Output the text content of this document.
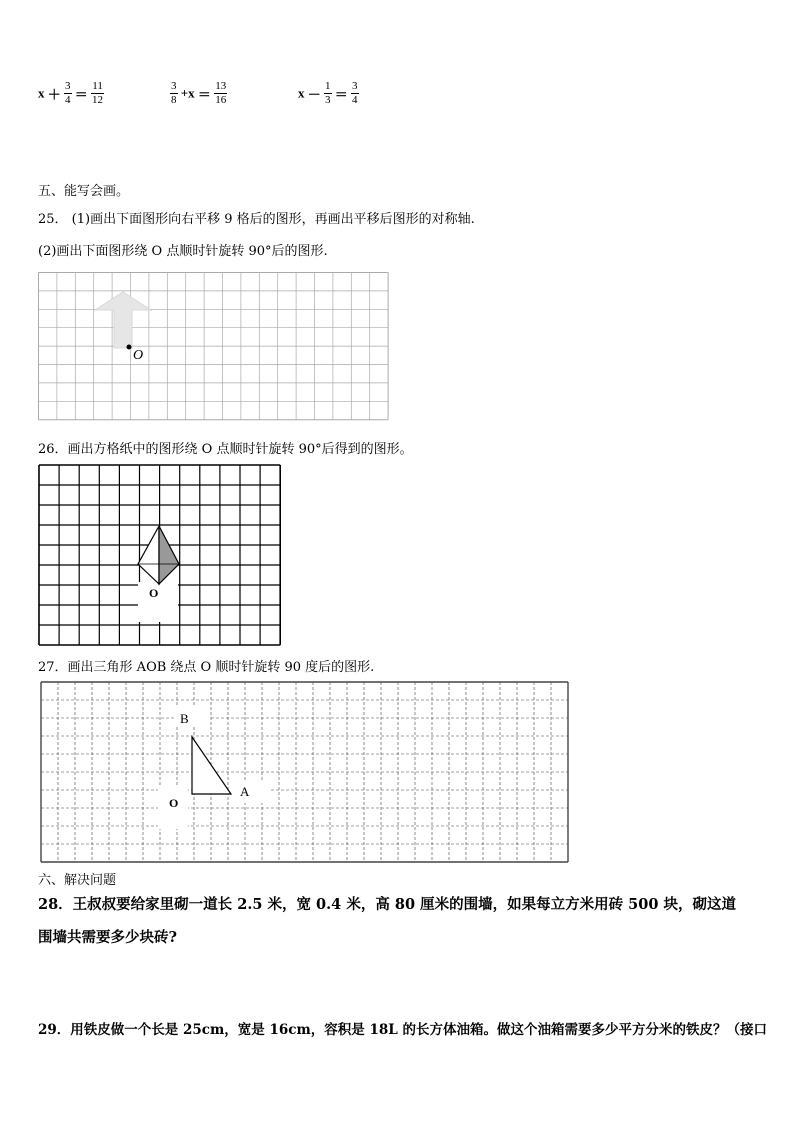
$x + \frac{3}{4} = \frac{11}{12}$	$\frac{3}{8} +x = \frac{13}{16}$	$x - \frac{1}{3} = \frac{3}{4}$
五、能写会画。
25． (1)画出下面图形向右平移 9 格后的图形，再画出平移后图形的对称轴.
(2)画出下面图形绕 O 点顺时针旋转 90°后的图形.
O
26．画出方格纸中的图形绕 O 点顺时针旋转 90°后得到的图形。
O
27．画出三角形 AOB 绕点 O 顺时针旋转 90 度后的图形.
B
A
O
六、解决问题
28．王叔叔要给家里砌一道长 2.5 米，宽 0.4 米，高 80 厘米的围墙，如果每立方米用砖 500 块，砌这道
围墙共需要多少块砖?
29．用铁皮做一个长是 25cm，宽是 16cm，容积是 18L 的长方体油箱。做这个油箱需要多少平方分米的铁皮？（接口
